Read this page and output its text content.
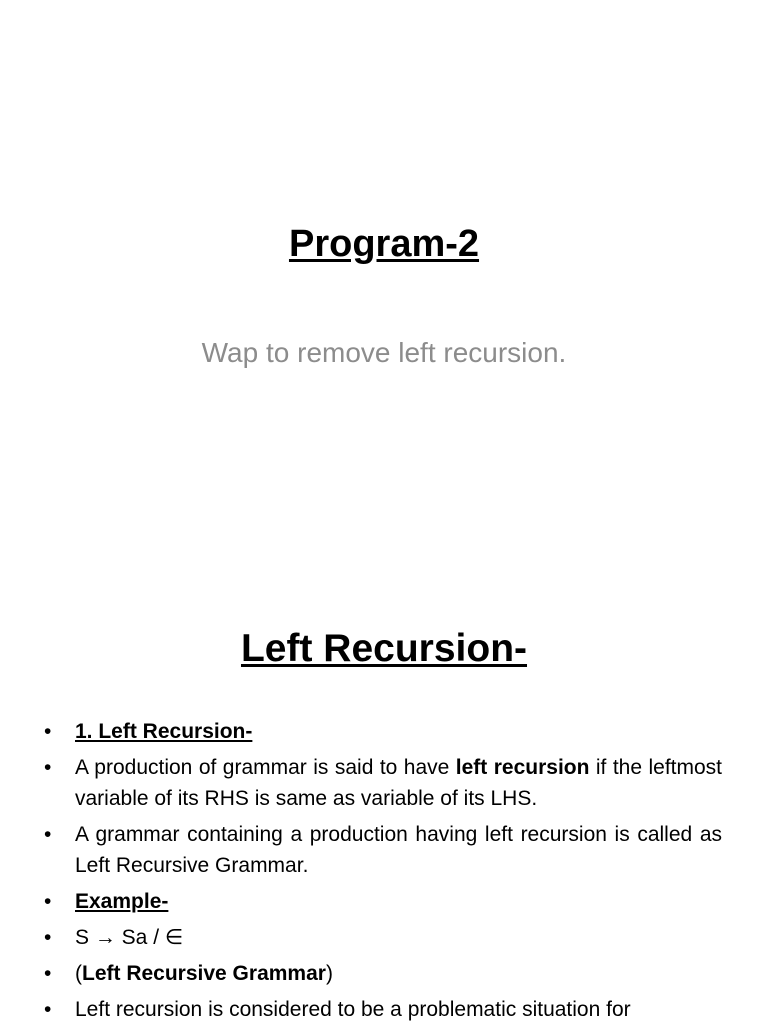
Program-2
Wap to remove left recursion.
Left Recursion-
• 1. Left Recursion-
• A production of grammar is said to have left recursion if the leftmost variable of its RHS is same as variable of its LHS.
• A grammar containing a production having left recursion is called as Left Recursive Grammar.
• Example-
• S → Sa / ∈
• (Left Recursive Grammar)
• Left recursion is considered to be a problematic situation for
